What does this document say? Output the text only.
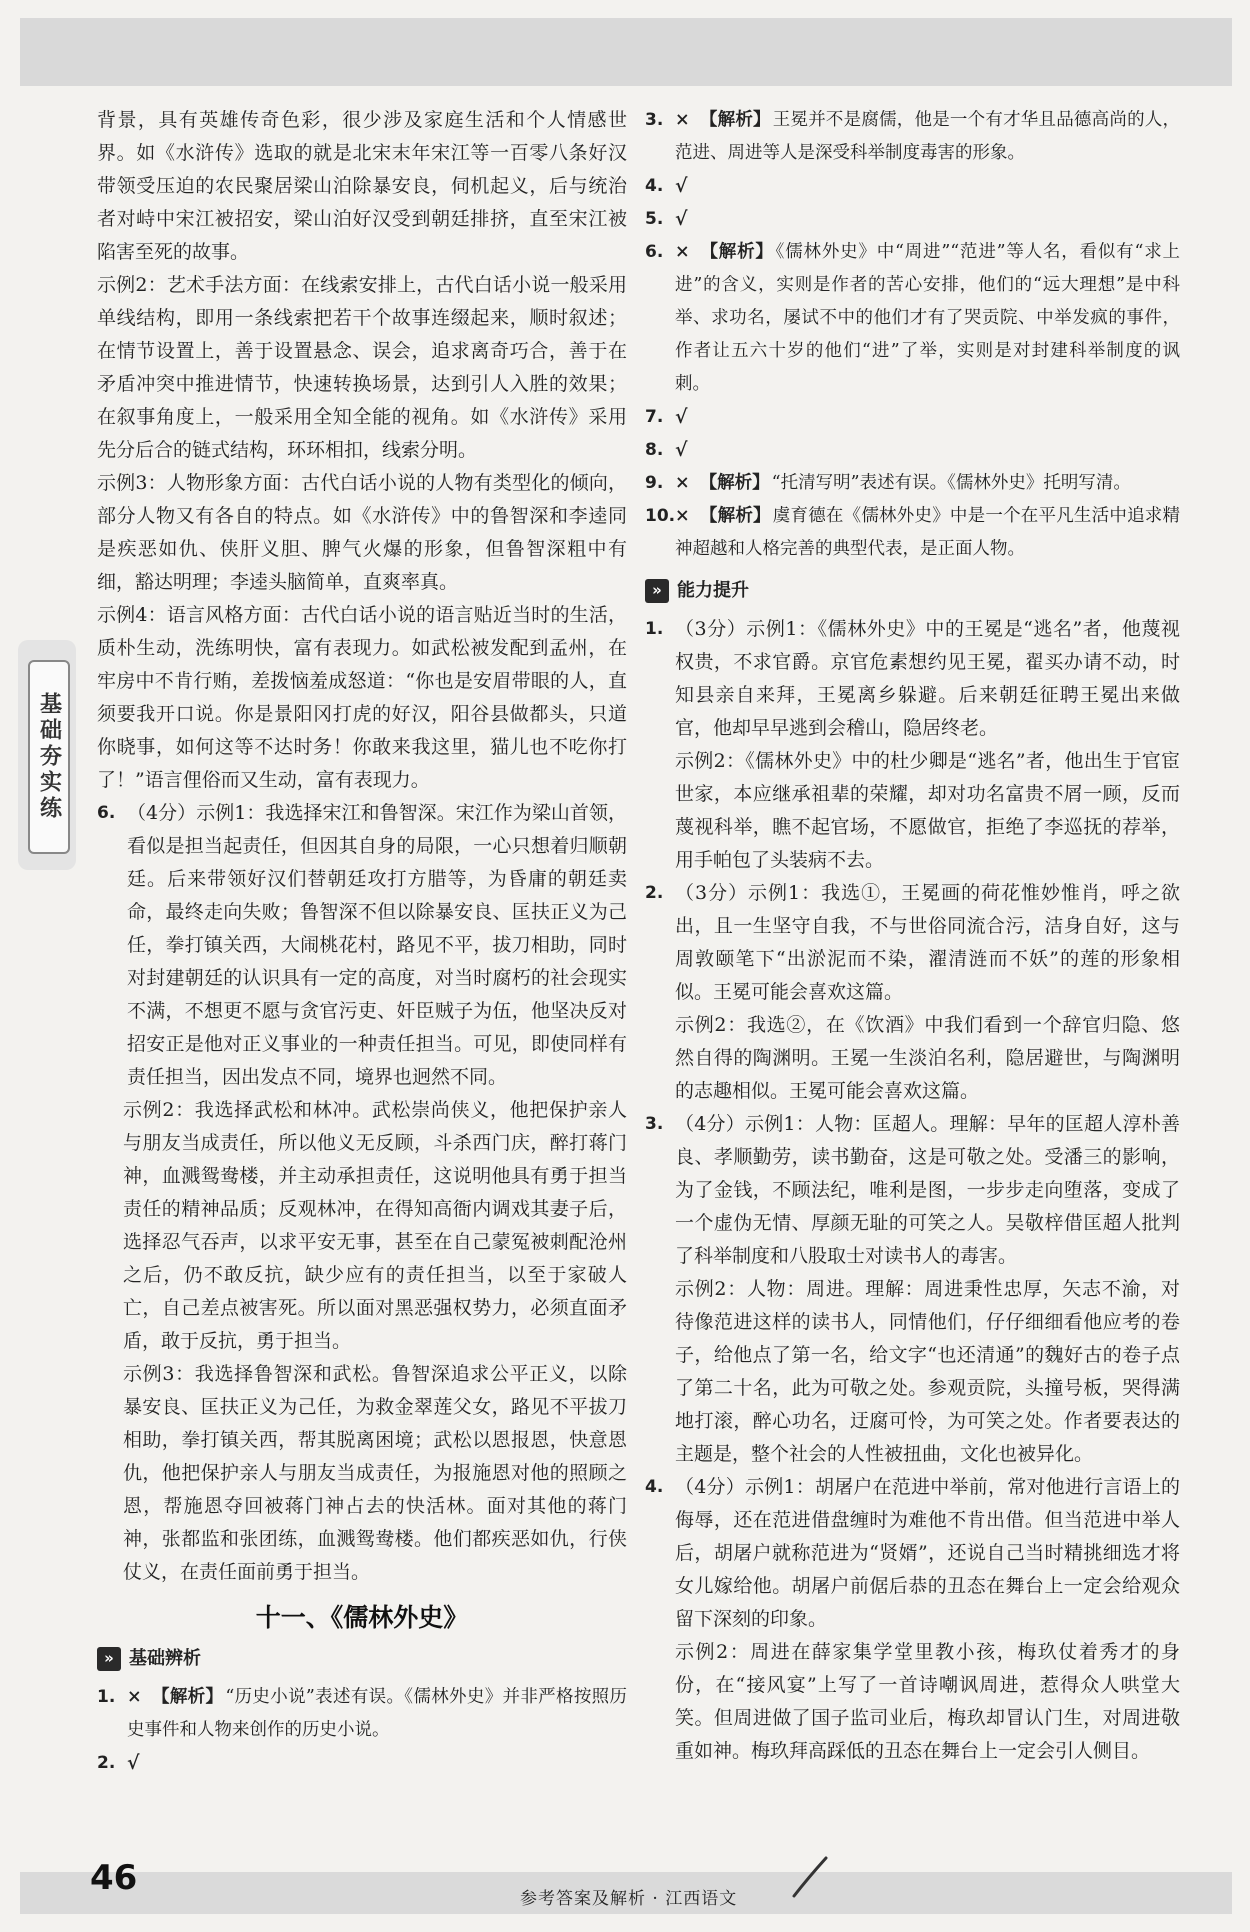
基础夯实练

背景，具有英雄传奇色彩，很少涉及家庭生活和个人情感世界。如《水浒传》选取的就是北宋末年宋江等一百零八条好汉带领受压迫的农民聚居梁山泊除暴安良，伺机起义，后与统治者对峙中宋江被招安，梁山泊好汉受到朝廷排挤，直至宋江被陷害至死的故事。

示例2：艺术手法方面：在线索安排上，古代白话小说一般采用单线结构，即用一条线索把若干个故事连缀起来，顺时叙述；在情节设置上，善于设置悬念、误会，追求离奇巧合，善于在矛盾冲突中推进情节，快速转换场景，达到引人入胜的效果；在叙事角度上，一般采用全知全能的视角。如《水浒传》采用先分后合的链式结构，环环相扣，线索分明。

示例3：人物形象方面：古代白话小说的人物有类型化的倾向，部分人物又有各自的特点。如《水浒传》中的鲁智深和李逵同是疾恶如仇、侠肝义胆、脾气火爆的形象，但鲁智深粗中有细，豁达明理；李逵头脑简单，直爽率真。

示例4：语言风格方面：古代白话小说的语言贴近当时的生活，质朴生动，洗练明快，富有表现力。如武松被发配到孟州，在牢房中不肯行贿，差拨恼羞成怒道：“你也是安眉带眼的人，直须要我开口说。你是景阳冈打虎的好汉，阳谷县做都头，只道你晓事，如何这等不达时务！你敢来我这里，猫儿也不吃你打了！”语言俚俗而又生动，富有表现力。

6. （4分）示例1：我选择宋江和鲁智深。宋江作为梁山首领，看似是担当起责任，但因其自身的局限，一心只想着归顺朝廷。后来带领好汉们替朝廷攻打方腊等，为昏庸的朝廷卖命，最终走向失败；鲁智深不但以除暴安良、匡扶正义为己任，拳打镇关西，大闹桃花村，路见不平，拔刀相助，同时对封建朝廷的认识具有一定的高度，对当时腐朽的社会现实不满，不想更不愿与贪官污吏、奸臣贼子为伍，他坚决反对招安正是他对正义事业的一种责任担当。可见，即使同样有责任担当，因出发点不同，境界也迥然不同。

示例2：我选择武松和林冲。武松崇尚侠义，他把保护亲人与朋友当成责任，所以他义无反顾，斗杀西门庆，醉打蒋门神，血溅鸳鸯楼，并主动承担责任，这说明他具有勇于担当责任的精神品质；反观林冲，在得知高衙内调戏其妻子后，选择忍气吞声，以求平安无事，甚至在自己蒙冤被刺配沧州之后，仍不敢反抗，缺少应有的责任担当，以至于家破人亡，自己差点被害死。所以面对黑恶强权势力，必须直面矛盾，敢于反抗，勇于担当。

示例3：我选择鲁智深和武松。鲁智深追求公平正义，以除暴安良、匡扶正义为己任，为救金翠莲父女，路见不平拔刀相助，拳打镇关西，帮其脱离困境；武松以恩报恩，快意恩仇，他把保护亲人与朋友当成责任，为报施恩对他的照顾之恩，帮施恩夺回被蒋门神占去的快活林。面对其他的蒋门神，张都监和张团练，血溅鸳鸯楼。他们都疾恶如仇，行侠仗义，在责任面前勇于担当。

十一、《儒林外史》
» 基础辨析
1. × 【解析】 “历史小说”表述有误。《儒林外史》并非严格按照历史事件和人物来创作的历史小说。
2. √
3. × 【解析】 王冕并不是腐儒，他是一个有才华且品德高尚的人，范进、周进等人是深受科举制度毒害的形象。
4. √
5. √
6. × 【解析】 《儒林外史》中“周进”“范进”等人名，看似有“求上进”的含义，实则是作者的苦心安排，他们的“远大理想”是中科举、求功名，屡试不中的他们才有了哭贡院、中举发疯的事件，作者让五六十岁的他们“进”了举，实则是对封建科举制度的讽刺。
7. √
8. √
9. × 【解析】 “托清写明”表述有误。《儒林外史》托明写清。
10. × 【解析】 虞育德在《儒林外史》中是一个在平凡生活中追求精神超越和人格完善的典型代表，是正面人物。
» 能力提升
1. （3分）示例1：《儒林外史》中的王冕是“逃名”者，他蔑视权贵，不求官爵。京官危素想约见王冕，翟买办请不动，时知县亲自来拜，王冕离乡躲避。后来朝廷征聘王冕出来做官，他却早早逃到会稽山，隐居终老。

示例2：《儒林外史》中的杜少卿是“逃名”者，他出生于官宦世家，本应继承祖辈的荣耀，却对功名富贵不屑一顾，反而蔑视科举，瞧不起官场，不愿做官，拒绝了李巡抚的荐举，用手帕包了头装病不去。

2. （3分）示例1：我选①，王冕画的荷花惟妙惟肖，呼之欲出，且一生坚守自我，不与世俗同流合污，洁身自好，这与周敦颐笔下“出淤泥而不染，濯清涟而不妖”的莲的形象相似。王冕可能会喜欢这篇。

示例2：我选②，在《饮酒》中我们看到一个辞官归隐、悠然自得的陶渊明。王冕一生淡泊名利，隐居避世，与陶渊明的志趣相似。王冕可能会喜欢这篇。

3. （4分）示例1：人物：匡超人。理解：早年的匡超人淳朴善良、孝顺勤劳，读书勤奋，这是可敬之处。受潘三的影响，为了金钱，不顾法纪，唯利是图，一步步走向堕落，变成了一个虚伪无情、厚颜无耻的可笑之人。吴敬梓借匡超人批判了科举制度和八股取士对读书人的毒害。

示例2：人物：周进。理解：周进秉性忠厚，矢志不渝，对待像范进这样的读书人，同情他们，仔仔细细看他应考的卷子，给他点了第一名，给文字“也还清通”的魏好古的卷子点了第二十名，此为可敬之处。参观贡院，头撞号板，哭得满地打滚，醉心功名，迂腐可怜，为可笑之处。作者要表达的主题是，整个社会的人性被扭曲，文化也被异化。

4. （4分）示例1：胡屠户在范进中举前，常对他进行言语上的侮辱，还在范进借盘缠时为难他不肯出借。但当范进中举人后，胡屠户就称范进为“贤婿”，还说自己当时精挑细选才将女儿嫁给他。胡屠户前倨后恭的丑态在舞台上一定会给观众留下深刻的印象。

示例2：周进在薛家集学堂里教小孩，梅玖仗着秀才的身份，在“接风宴”上写了一首诗嘲讽周进，惹得众人哄堂大笑。但周进做了国子监司业后，梅玖却冒认门生，对周进敬重如神。梅玖拜高踩低的丑态在舞台上一定会引人侧目。

46
参考答案及解析 · 江西语文
